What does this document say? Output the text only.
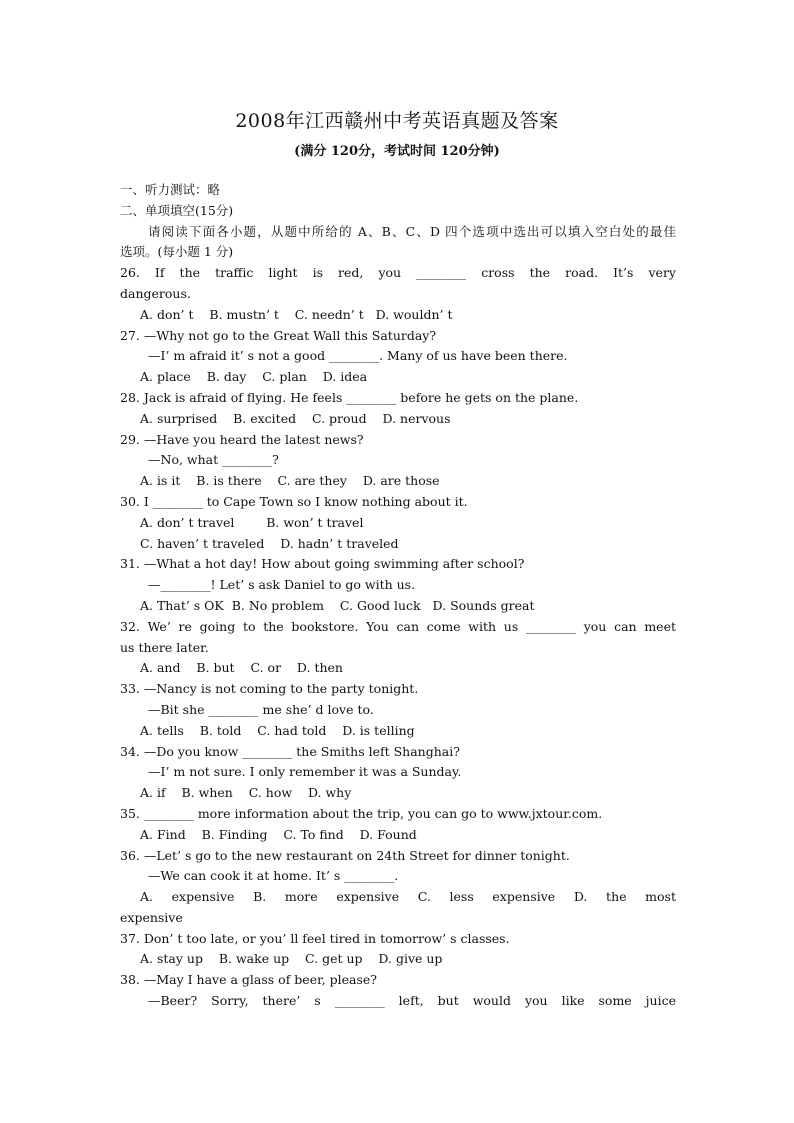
2008年江西赣州中考英语真题及答案
(满分 120分，考试时间 120分钟)
一、听力测试：略
二、单项填空(15分)
请阅读下面各小题，从题中所给的 A、B、C、D 四个选项中选出可以填入空白处的最佳
选项。(每小题 1 分)
26. If the traffic light is red, you ________ cross the road. It’s very
dangerous.
A. don’ t    B. mustn’ t    C. needn’ t   D. wouldn’ t
27. —Why not go to the Great Wall this Saturday?
—I’ m afraid it’ s not a good ________. Many of us have been there.
A. place    B. day    C. plan    D. idea
28. Jack is afraid of flying. He feels ________ before he gets on the plane.
A. surprised    B. excited    C. proud    D. nervous
29. —Have you heard the latest news?
—No, what ________?
A. is it    B. is there    C. are they    D. are those
30. I ________ to Cape Town so I know nothing about it.
A. don’ t travel        B. won’ t travel
C. haven’ t traveled    D. hadn’ t traveled
31. —What a hot day! How about going swimming after school?
—________! Let’ s ask Daniel to go with us.
A. That’ s OK  B. No problem    C. Good luck   D. Sounds great
32. We’ re going to the bookstore. You can come with us ________ you can meet
us there later.
A. and    B. but    C. or    D. then
33. —Nancy is not coming to the party tonight.
—Bit she ________ me she’ d love to.
A. tells    B. told    C. had told    D. is telling
34. —Do you know ________ the Smiths left Shanghai?
—I’ m not sure. I only remember it was a Sunday.
A. if    B. when    C. how    D. why
35. ________ more information about the trip, you can go to www.jxtour.com.
A. Find    B. Finding    C. To find    D. Found
36. —Let’ s go to the new restaurant on 24th Street for dinner tonight.
—We can cook it at home. It’ s ________.
A. expensive B. more expensive C. less expensive D. the most
expensive
37. Don’ t too late, or you’ ll feel tired in tomorrow’ s classes.
A. stay up    B. wake up    C. get up    D. give up
38. —May I have a glass of beer, please?
—Beer? Sorry, there’ s ________ left, but would you like some juice
